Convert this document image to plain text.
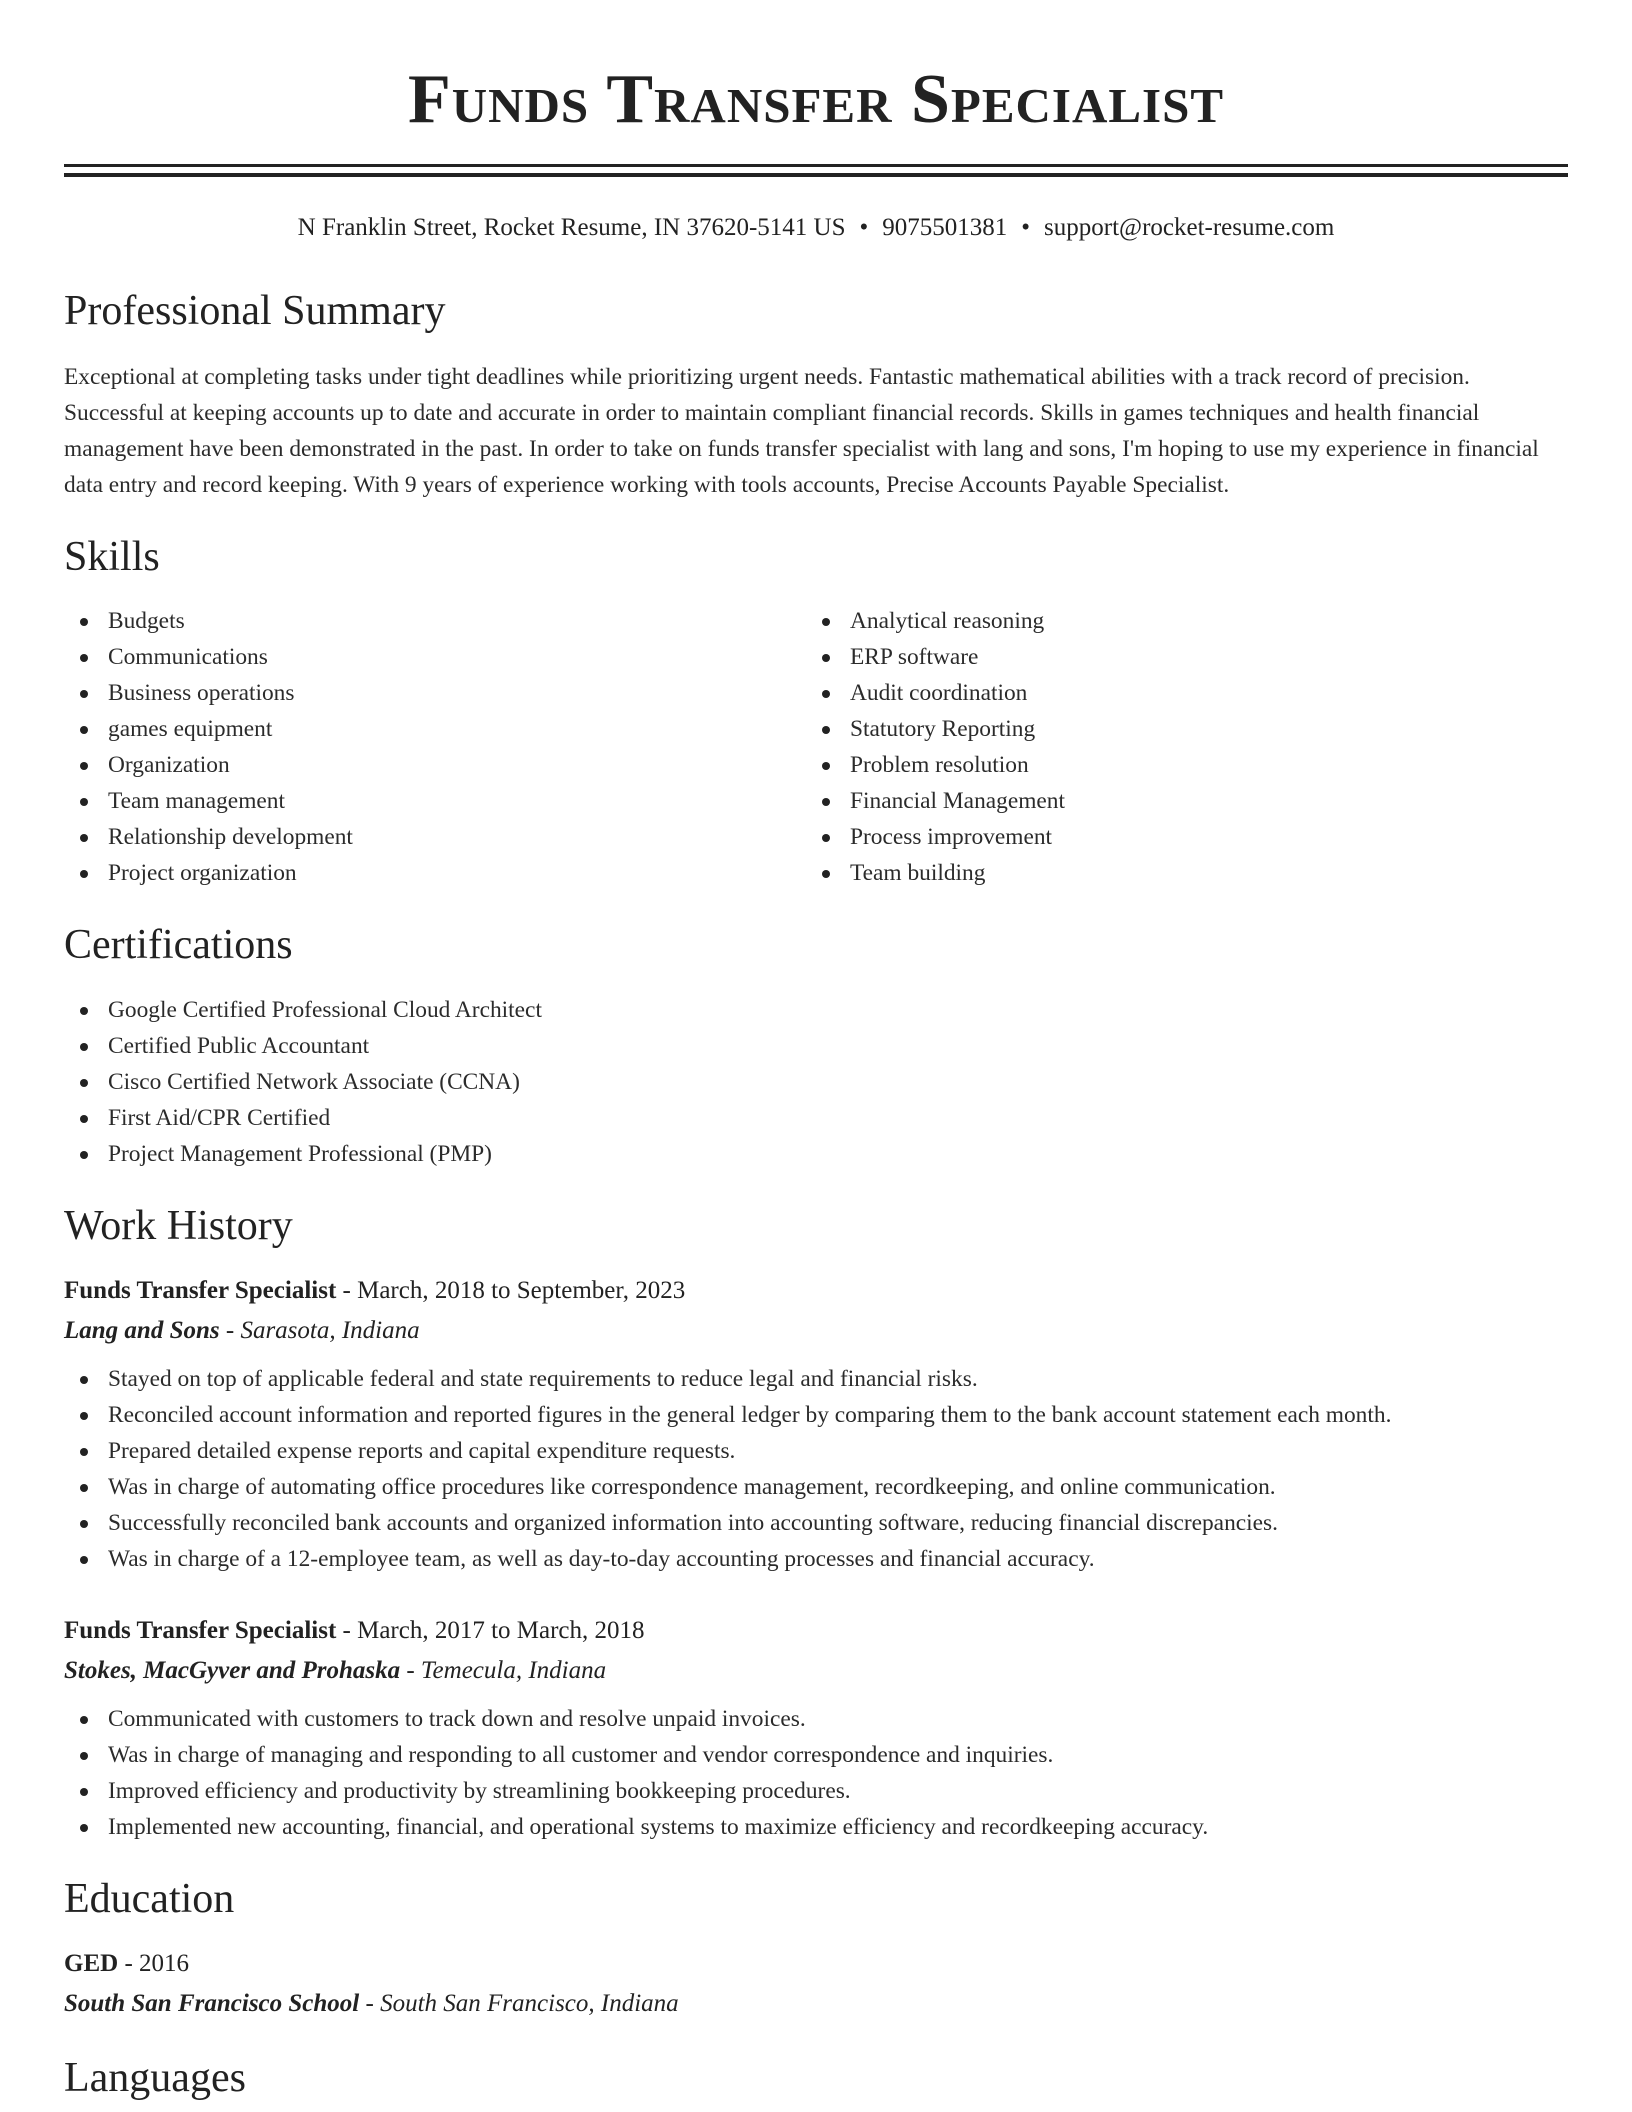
Funds Transfer Specialist
N Franklin Street, Rocket Resume, IN 37620-5141 US • 9075501381 • support@rocket-resume.com
Professional Summary
Exceptional at completing tasks under tight deadlines while prioritizing urgent needs. Fantastic mathematical abilities with a track record of precision. Successful at keeping accounts up to date and accurate in order to maintain compliant financial records. Skills in games techniques and health financial management have been demonstrated in the past. In order to take on funds transfer specialist with lang and sons, I'm hoping to use my experience in financial data entry and record keeping. With 9 years of experience working with tools accounts, Precise Accounts Payable Specialist.
Skills
Budgets
Communications
Business operations
games equipment
Organization
Team management
Relationship development
Project organization
Analytical reasoning
ERP software
Audit coordination
Statutory Reporting
Problem resolution
Financial Management
Process improvement
Team building
Certifications
Google Certified Professional Cloud Architect
Certified Public Accountant
Cisco Certified Network Associate (CCNA)
First Aid/CPR Certified
Project Management Professional (PMP)
Work History
Funds Transfer Specialist - March, 2018 to September, 2023
Lang and Sons - Sarasota, Indiana
Stayed on top of applicable federal and state requirements to reduce legal and financial risks.
Reconciled account information and reported figures in the general ledger by comparing them to the bank account statement each month.
Prepared detailed expense reports and capital expenditure requests.
Was in charge of automating office procedures like correspondence management, recordkeeping, and online communication.
Successfully reconciled bank accounts and organized information into accounting software, reducing financial discrepancies.
Was in charge of a 12-employee team, as well as day-to-day accounting processes and financial accuracy.
Funds Transfer Specialist - March, 2017 to March, 2018
Stokes, MacGyver and Prohaska - Temecula, Indiana
Communicated with customers to track down and resolve unpaid invoices.
Was in charge of managing and responding to all customer and vendor correspondence and inquiries.
Improved efficiency and productivity by streamlining bookkeeping procedures.
Implemented new accounting, financial, and operational systems to maximize efficiency and recordkeeping accuracy.
Education
GED - 2016
South San Francisco School - South San Francisco, Indiana
Languages
